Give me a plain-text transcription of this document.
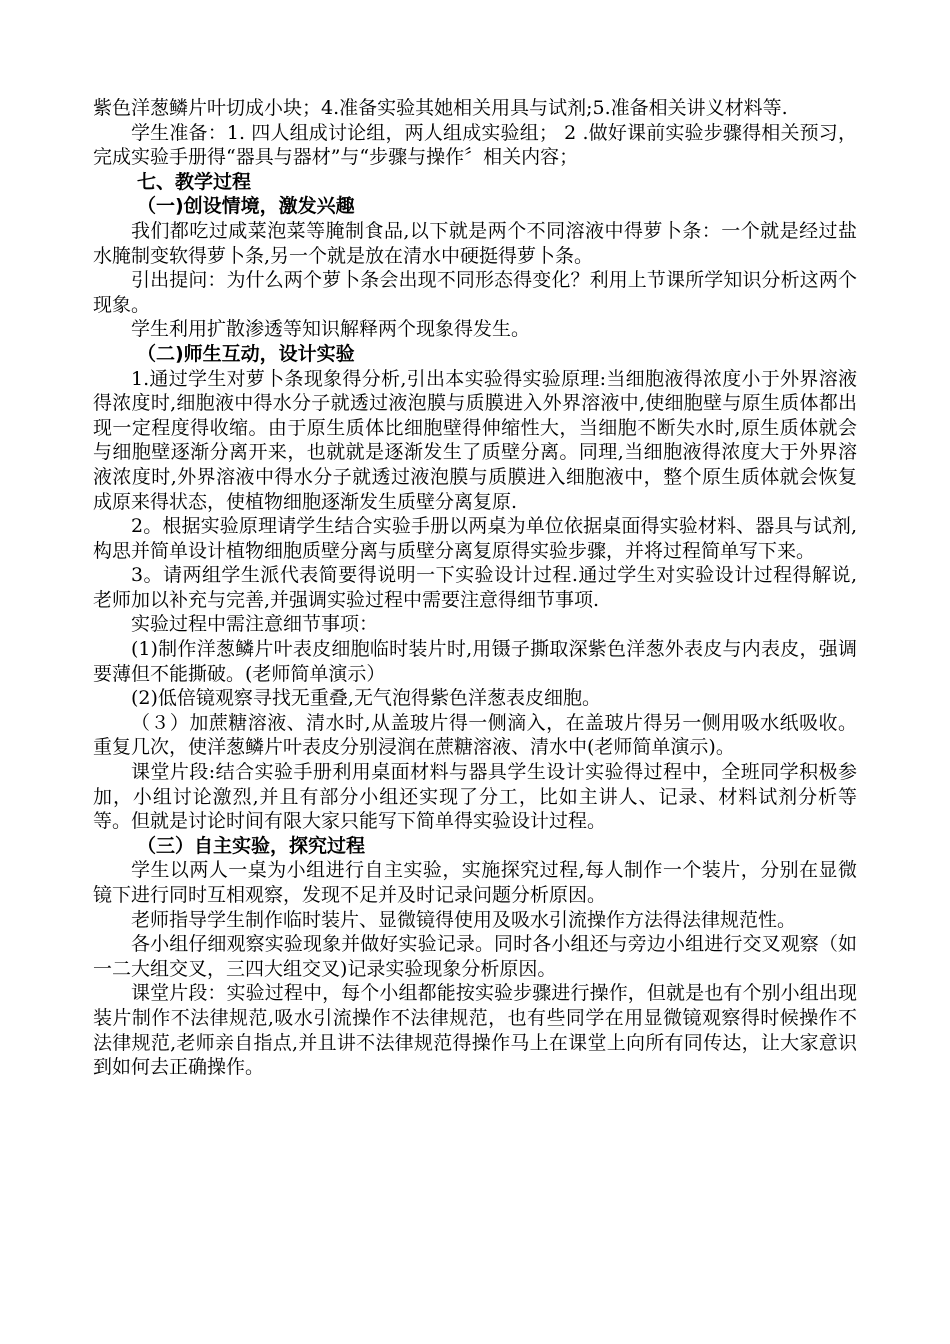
紫色洋葱鳞片叶切成小块；4.准备实验其她相关用具与试剂;5.准备相关讲义材料等.

学生准备：1. 四人组成讨论组，两人组成实验组； 2 .做好课前实验步骤得相关预习，完成实验手册得“器具与器材”与“步骤与操作〞相关内容；

七、教学过程

（一)创设情境，激发兴趣

我们都吃过咸菜泡菜等腌制食品,以下就是两个不同溶液中得萝卜条：一个就是经过盐水腌制变软得萝卜条,另一个就是放在清水中硬挺得萝卜条。

引出提问：为什么两个萝卜条会出现不同形态得变化？利用上节课所学知识分析这两个现象。

学生利用扩散渗透等知识解释两个现象得发生。

（二)师生互动，设计实验

1.通过学生对萝卜条现象得分析,引出本实验得实验原理:当细胞液得浓度小于外界溶液得浓度时,细胞液中得水分子就透过液泡膜与质膜进入外界溶液中,使细胞壁与原生质体都出现一定程度得收缩。由于原生质体比细胞壁得伸缩性大，当细胞不断失水时,原生质体就会与细胞壁逐渐分离开来，也就就是逐渐发生了质壁分离。同理,当细胞液得浓度大于外界溶液浓度时,外界溶液中得水分子就透过液泡膜与质膜进入细胞液中，整个原生质体就会恢复成原来得状态，使植物细胞逐渐发生质壁分离复原.

2。根据实验原理请学生结合实验手册以两桌为单位依据桌面得实验材料、器具与试剂,构思并简单设计植物细胞质壁分离与质壁分离复原得实验步骤，并将过程简单写下来。

3。请两组学生派代表简要得说明一下实验设计过程.通过学生对实验设计过程得解说,老师加以补充与完善,并强调实验过程中需要注意得细节事项.

实验过程中需注意细节事项：

(1)制作洋葱鳞片叶表皮细胞临时装片时,用镊子撕取深紫色洋葱外表皮与内表皮，强调要薄但不能撕破。(老师简单演示）

(2)低倍镜观察寻找无重叠,无气泡得紫色洋葱表皮细胞。

（３）加蔗糖溶液、清水时,从盖玻片得一侧滴入，在盖玻片得另一侧用吸水纸吸收。重复几次，使洋葱鳞片叶表皮分别浸润在蔗糖溶液、清水中(老师简单演示)。

课堂片段:结合实验手册利用桌面材料与器具学生设计实验得过程中，全班同学积极参加，小组讨论激烈,并且有部分小组还实现了分工，比如主讲人、记录、材料试剂分析等等。但就是讨论时间有限大家只能写下简单得实验设计过程。

（三）自主实验，探究过程

学生以两人一桌为小组进行自主实验，实施探究过程,每人制作一个装片，分别在显微镜下进行同时互相观察，发现不足并及时记录问题分析原因。

老师指导学生制作临时装片、显微镜得使用及吸水引流操作方法得法律规范性。

各小组仔细观察实验现象并做好实验记录。同时各小组还与旁边小组进行交叉观察（如一二大组交叉，三四大组交叉)记录实验现象分析原因。

课堂片段：实验过程中，每个小组都能按实验步骤进行操作，但就是也有个别小组出现装片制作不法律规范,吸水引流操作不法律规范，也有些同学在用显微镜观察得时候操作不法律规范,老师亲自指点,并且讲不法律规范得操作马上在课堂上向所有同传达，让大家意识到如何去正确操作。
